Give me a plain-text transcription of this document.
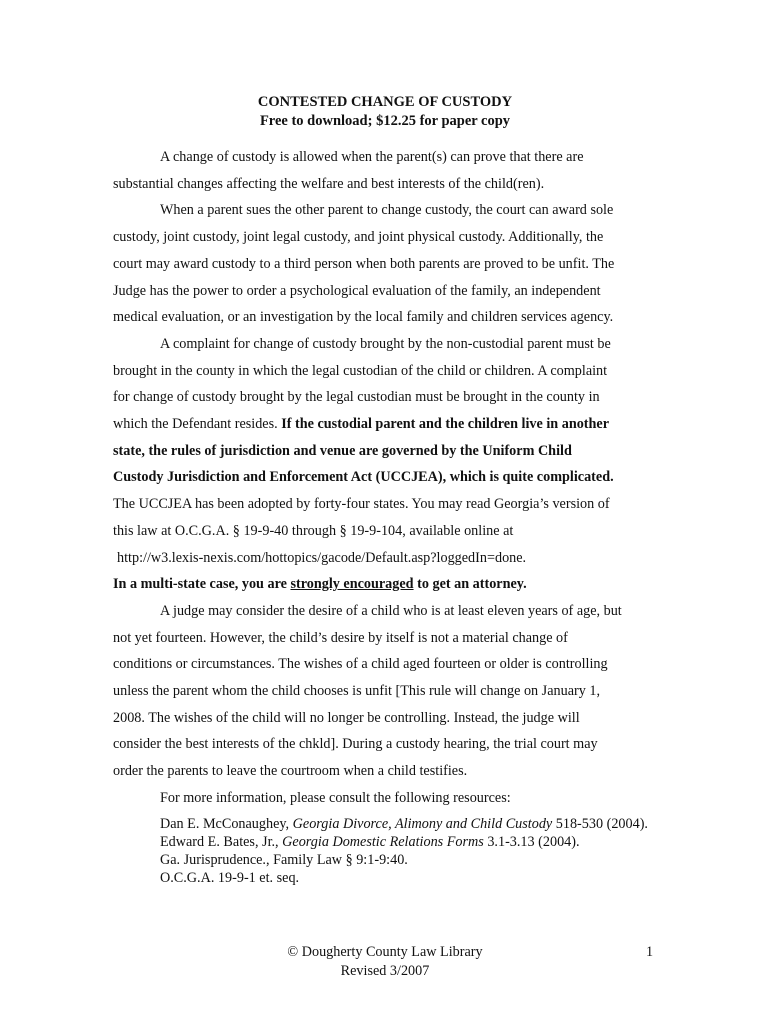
CONTESTED CHANGE OF CUSTODY
Free to download; $12.25 for paper copy

A change of custody is allowed when the parent(s) can prove that there are

substantial changes affecting the welfare and best interests of the child(ren).

When a parent sues the other parent to change custody, the court can award sole

custody, joint custody, joint legal custody, and joint physical custody. Additionally, the

court may award custody to a third person when both parents are proved to be unfit. The

Judge has the power to order a psychological evaluation of the family, an independent

medical evaluation, or an investigation by the local family and children services agency.

A complaint for change of custody brought by the non-custodial parent must be

brought in the county in which the legal custodian of the child or children. A complaint

for change of custody brought by the legal custodian must be brought in the county in

which the Defendant resides. If the custodial parent and the children live in another

state, the rules of jurisdiction and venue are governed by the Uniform Child

Custody Jurisdiction and Enforcement Act (UCCJEA), which is quite complicated.

The UCCJEA has been adopted by forty-four states. You may read Georgia’s version of

this law at O.C.G.A. § 19-9-40 through § 19-9-104, available online at

http://w3.lexis-nexis.com/hottopics/gacode/Default.asp?loggedIn=done.

In a multi-state case, you are strongly encouraged to get an attorney.

A judge may consider the desire of a child who is at least eleven years of age, but

not yet fourteen. However, the child’s desire by itself is not a material change of

conditions or circumstances. The wishes of a child aged fourteen or older is controlling

unless the parent whom the child chooses is unfit [This rule will change on January 1,

2008. The wishes of the child will no longer be controlling. Instead, the judge will

consider the best interests of the chkld]. During a custody hearing, the trial court may

order the parents to leave the courtroom when a child testifies.

For more information, please consult the following resources:

Dan E. McConaughey, Georgia Divorce, Alimony and Child Custody 518-530 (2004).
Edward E. Bates, Jr., Georgia Domestic Relations Forms 3.1-3.13 (2004).
Ga. Jurisprudence., Family Law § 9:1-9:40.
O.C.G.A. 19-9-1 et. seq.
© Dougherty County Law Library
Revised 3/2007
1
